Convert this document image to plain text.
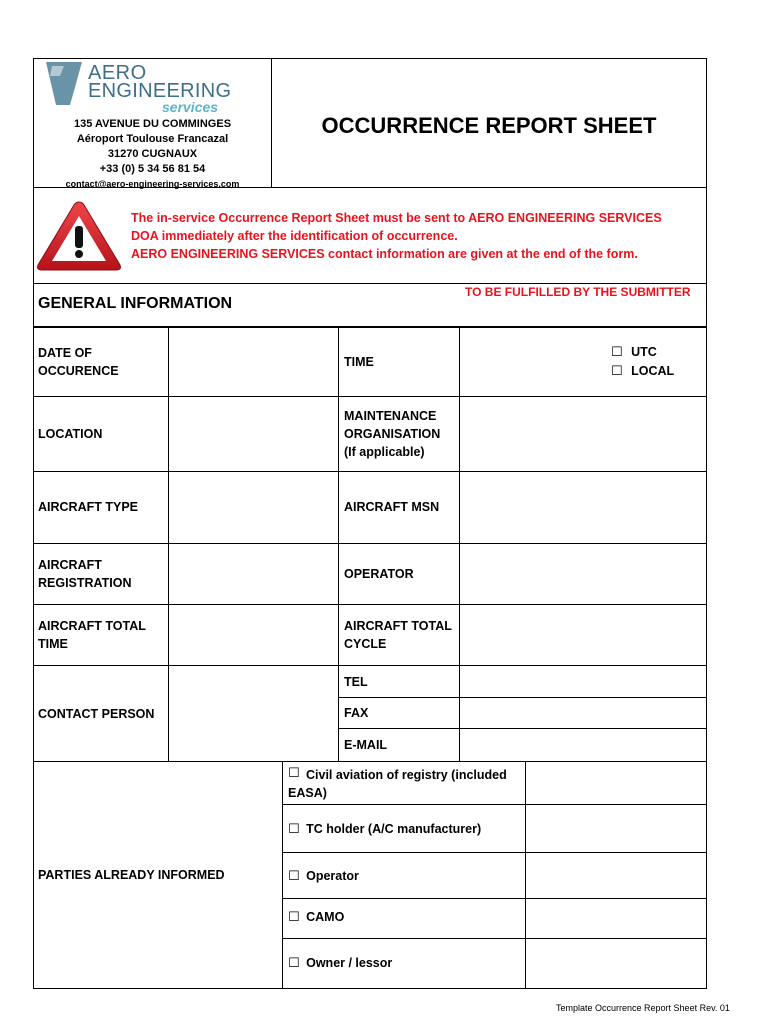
AERO
ENGINEERING
services
135 AVENUE DU COMMINGES
Aéroport Toulouse Francazal
31270 CUGNAUX
+33 (0) 5 34 56 81 54
contact@aero-engineering-services.com
OCCURRENCE REPORT SHEET
The in-service Occurrence Report Sheet must be sent to AERO ENGINEERING SERVICES
DOA immediately after the identification of occurrence.
AERO ENGINEERING SERVICES contact information are given at the end of the form.
GENERAL INFORMATION
TO BE FULFILLED BY THE SUBMITTER
DATE OF
OCCURENCE
TIME
☐ UTC
☐ LOCAL
LOCATION
MAINTENANCE
ORGANISATION
(If applicable)
AIRCRAFT TYPE	AIRCRAFT MSN
AIRCRAFT
REGISTRATION
OPERATOR
AIRCRAFT TOTAL
TIME
AIRCRAFT TOTAL
CYCLE
CONTACT PERSON
TEL
FAX
E-MAIL
PARTIES ALREADY INFORMED
☐ Civil aviation of registry (included
EASA)
☐ TC holder (A/C manufacturer)
☐ Operator
☐ CAMO
☐ Owner / lessor
Template Occurrence Report Sheet Rev. 01
